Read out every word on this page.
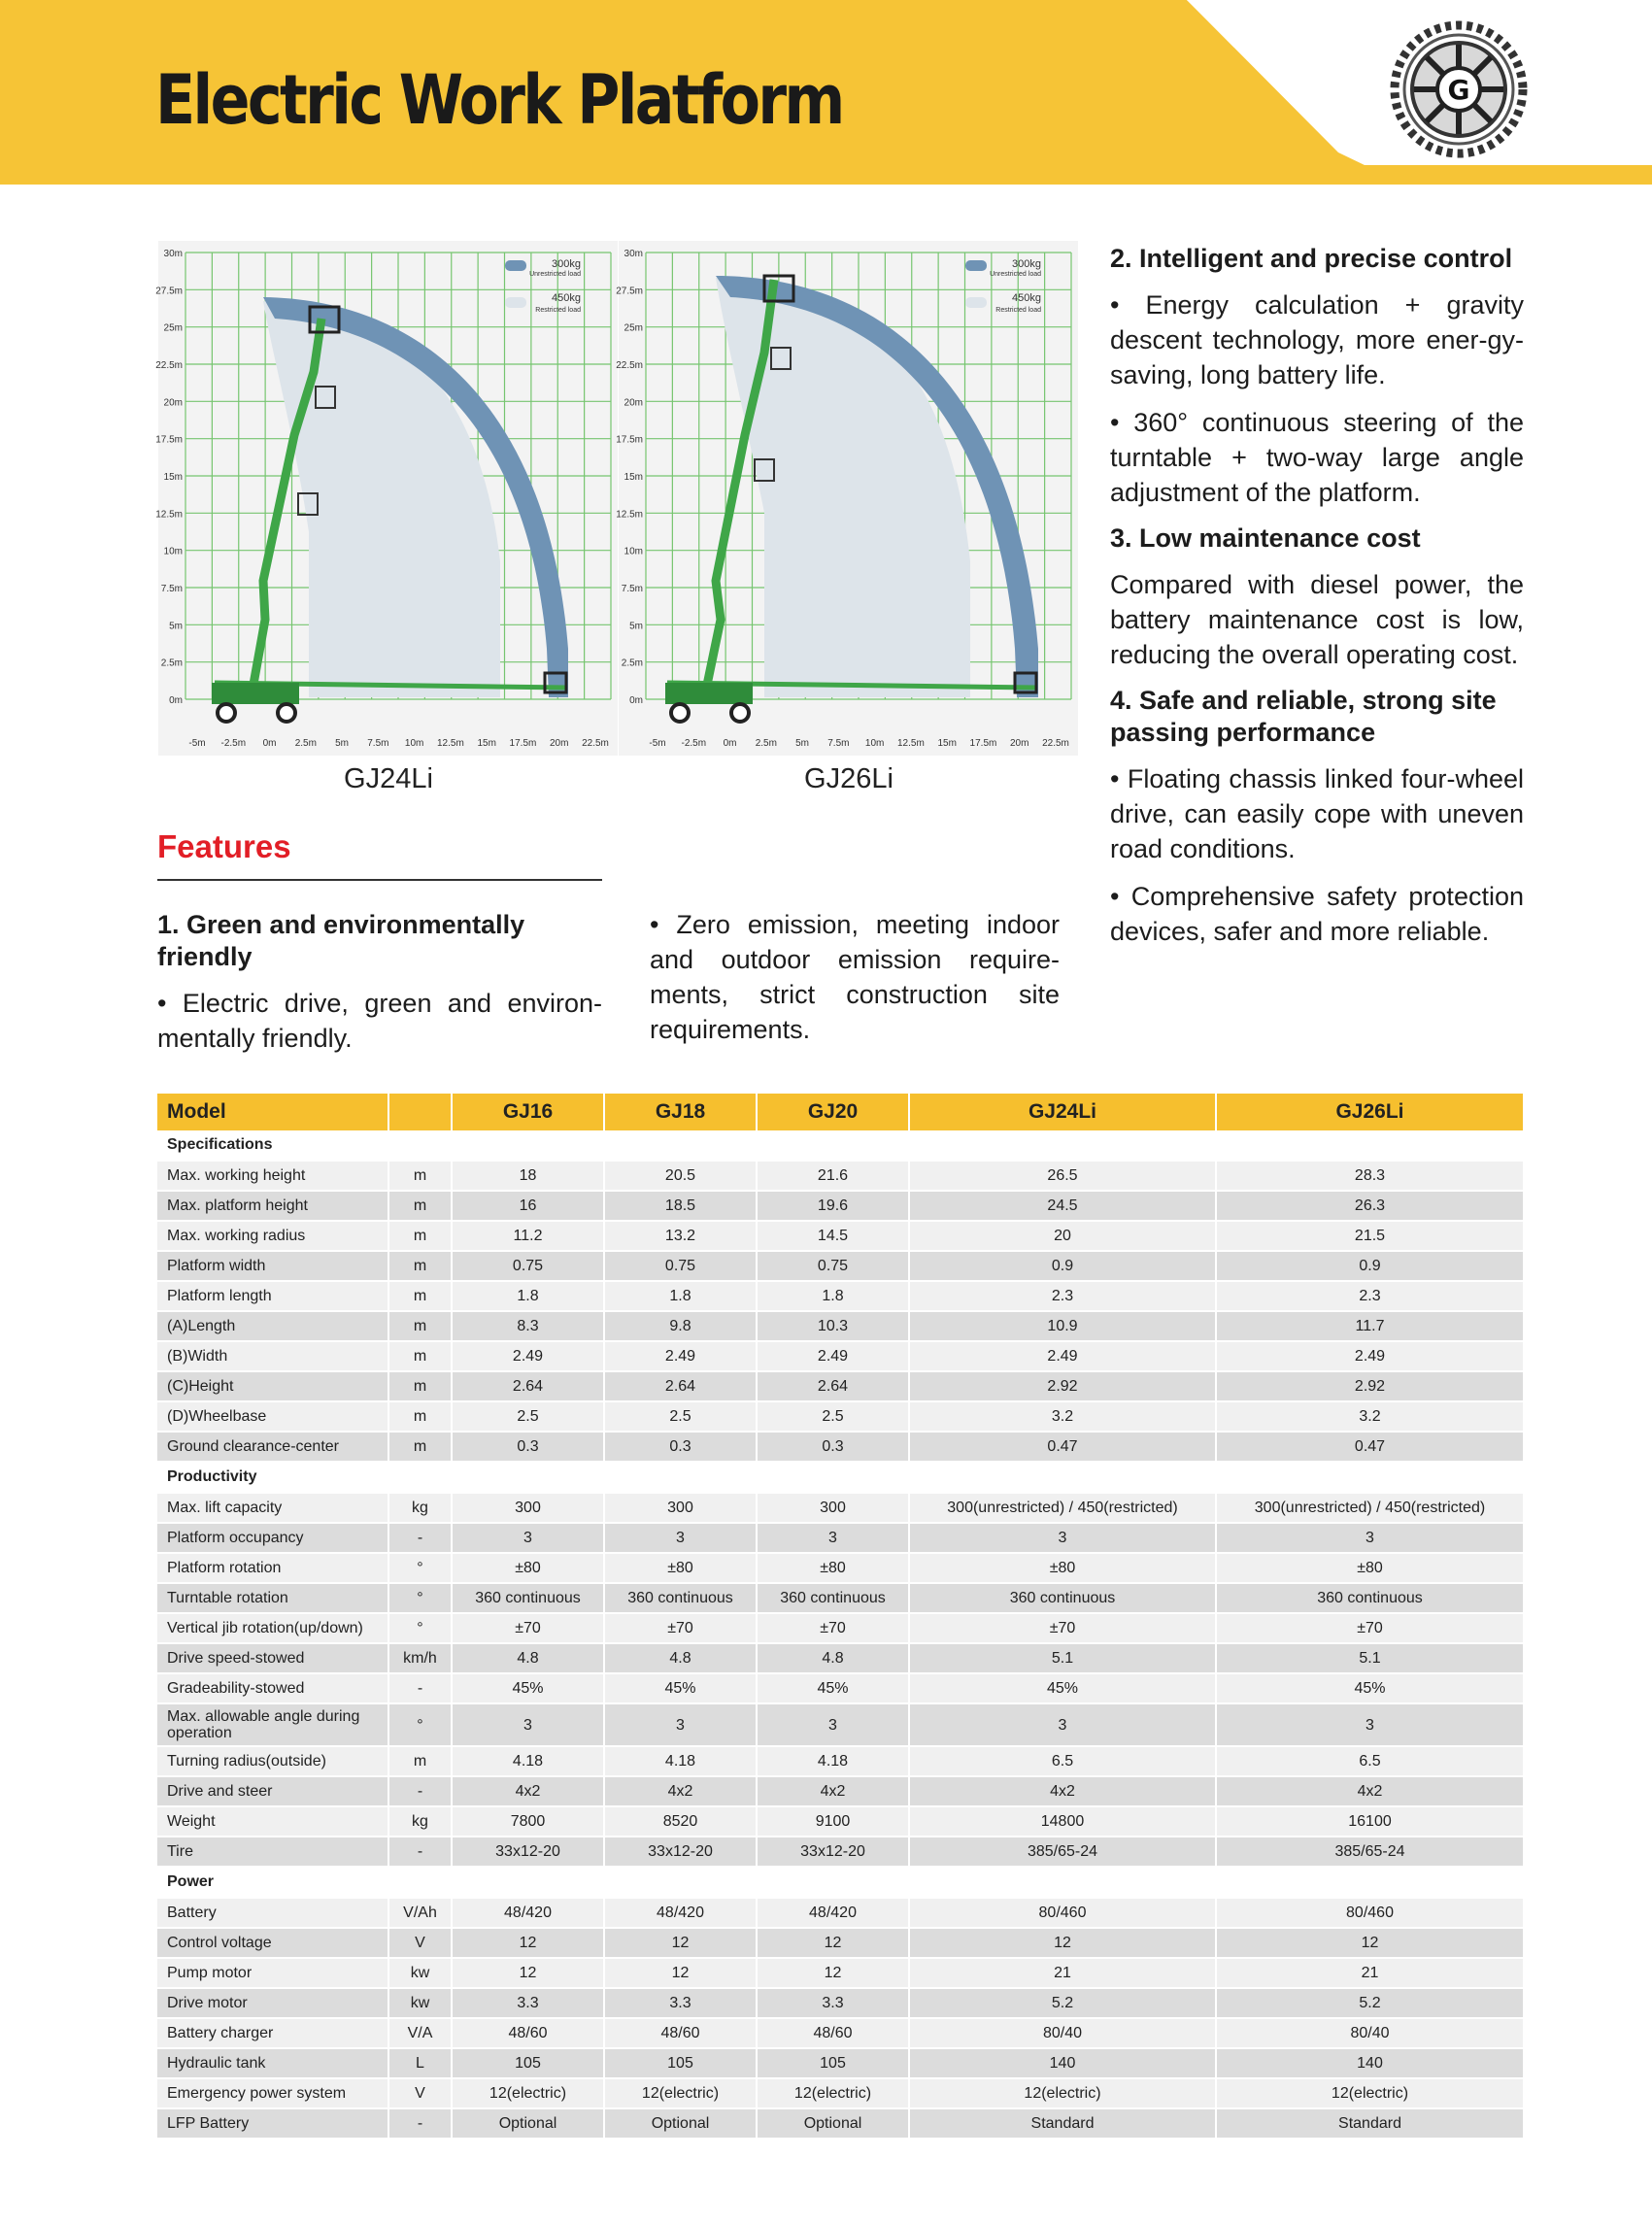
Electric Work Platform	G
30m
27.5m
25m
22.5m
20m
17.5m
15m
12.5m
10m
7.5m
5m
2.5m
0m
-5m -2.5m 0m 2.5m 5m 7.5m 10m 12.5m 15m 17.5m 20m 22.5m
300kg
Unrestricted load
450kg
Restricted load
GJ24Li
30m
27.5m
25m
22.5m
20m
17.5m
15m
12.5m
10m
7.5m
5m
2.5m
0m
-5m -2.5m 0m 2.5m 5m 7.5m 10m 12.5m 15m 17.5m 20m 22.5m
300kg
Unrestricted load
450kg
Restricted load
GJ26Li
Features
1. Green and environmentally friendly

• Electric drive, green and environ-mentally friendly.

• Zero emission, meeting indoor and outdoor emission require-ments, strict construction site requirements.

2. Intelligent and precise control

• Energy calculation + gravity descent technology, more ener-gy-saving, long battery life.

• 360° continuous steering of the turntable + two-way large angle adjustment of the platform.

3. Low maintenance cost

Compared with diesel power, the battery maintenance cost is low, reducing the overall operating cost.

4. Safe and reliable, strong site passing performance

• Floating chassis linked four-wheel drive, can easily cope with uneven road conditions.

• Comprehensive safety protection devices, safer and more reliable.

Model		GJ16	GJ18	GJ20	GJ24Li	GJ26Li
Specifications						
Max. working height	m	18	20.5	21.6	26.5	28.3
Max. platform height	m	16	18.5	19.6	24.5	26.3
Max. working radius	m	11.2	13.2	14.5	20	21.5
Platform width	m	0.75	0.75	0.75	0.9	0.9
Platform length	m	1.8	1.8	1.8	2.3	2.3
(A)Length	m	8.3	9.8	10.3	10.9	11.7
(B)Width	m	2.49	2.49	2.49	2.49	2.49
(C)Height	m	2.64	2.64	2.64	2.92	2.92
(D)Wheelbase	m	2.5	2.5	2.5	3.2	3.2
Ground clearance-center	m	0.3	0.3	0.3	0.47	0.47
Productivity						
Max. lift capacity	kg	300	300	300	300(unrestricted) / 450(restricted)	300(unrestricted) / 450(restricted)
Platform occupancy	-	3	3	3	3	3
Platform rotation	°	±80	±80	±80	±80	±80
Turntable rotation	°	360 continuous	360 continuous	360 continuous	360 continuous	360 continuous
Vertical jib rotation(up/down)	°	±70	±70	±70	±70	±70
Drive speed-stowed	km/h	4.8	4.8	4.8	5.1	5.1
Gradeability-stowed	-	45%	45%	45%	45%	45%
Max. allowable angle during operation	°	3	3	3	3	3
Turning radius(outside)	m	4.18	4.18	4.18	6.5	6.5
Drive and steer	-	4x2	4x2	4x2	4x2	4x2
Weight	kg	7800	8520	9100	14800	16100
Tire	-	33x12-20	33x12-20	33x12-20	385/65-24	385/65-24
Power						
Battery	V/Ah	48/420	48/420	48/420	80/460	80/460
Control voltage	V	12	12	12	12	12
Pump motor	kw	12	12	12	21	21
Drive motor	kw	3.3	3.3	3.3	5.2	5.2
Battery charger	V/A	48/60	48/60	48/60	80/40	80/40
Hydraulic tank	L	105	105	105	140	140
Emergency power system	V	12(electric)	12(electric)	12(electric)	12(electric)	12(electric)
LFP Battery	-	Optional	Optional	Optional	Standard	Standard
